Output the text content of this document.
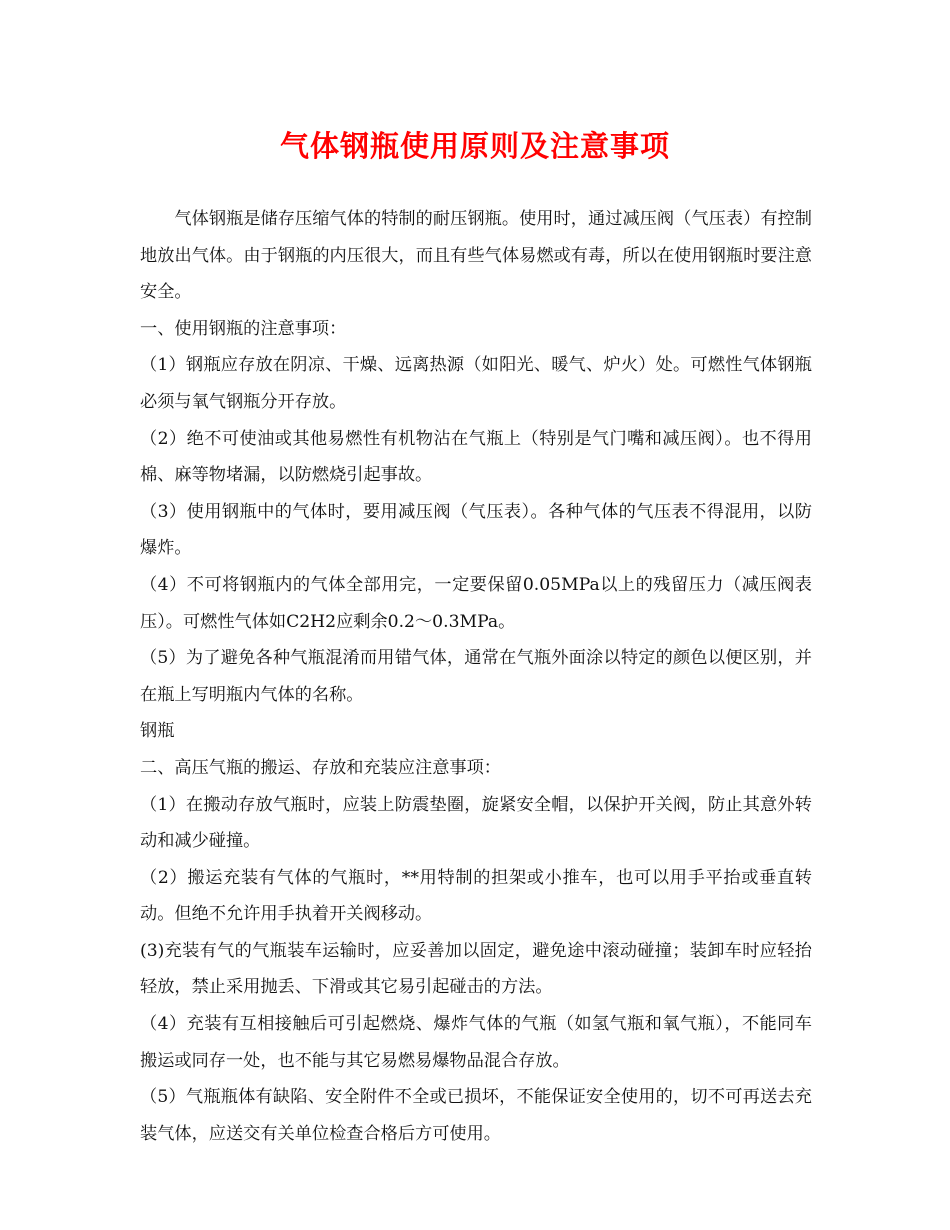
气体钢瓶使用原则及注意事项

气体钢瓶是储存压缩气体的特制的耐压钢瓶。使用时，通过减压阀（气压表）有控制地放出气体。由于钢瓶的内压很大，而且有些气体易燃或有毒，所以在使用钢瓶时要注意安全。

一、使用钢瓶的注意事项：

（1）钢瓶应存放在阴凉、干燥、远离热源（如阳光、暖气、炉火）处。可燃性气体钢瓶必须与氧气钢瓶分开存放。

（2）绝不可使油或其他易燃性有机物沾在气瓶上（特别是气门嘴和减压阀）。也不得用棉、麻等物堵漏，以防燃烧引起事故。

（3）使用钢瓶中的气体时，要用减压阀（气压表）。各种气体的气压表不得混用，以防爆炸。

（4）不可将钢瓶内的气体全部用完，一定要保留0.05MPa以上的残留压力（减压阀表压）。可燃性气体如C2H2应剩余0.2～0.3MPa。

（5）为了避免各种气瓶混淆而用错气体，通常在气瓶外面涂以特定的颜色以便区别，并在瓶上写明瓶内气体的名称。

钢瓶

二、高压气瓶的搬运、存放和充装应注意事项：

（1）在搬动存放气瓶时，应装上防震垫圈，旋紧安全帽，以保护开关阀，防止其意外转动和减少碰撞。

（2）搬运充装有气体的气瓶时，**用特制的担架或小推车，也可以用手平抬或垂直转动。但绝不允许用手执着开关阀移动。

(3)充装有气的气瓶装车运输时，应妥善加以固定，避免途中滚动碰撞；装卸车时应轻抬轻放，禁止采用抛丢、下滑或其它易引起碰击的方法。

（4）充装有互相接触后可引起燃烧、爆炸气体的气瓶（如氢气瓶和氧气瓶），不能同车搬运或同存一处，也不能与其它易燃易爆物品混合存放。

（5）气瓶瓶体有缺陷、安全附件不全或已损坏，不能保证安全使用的，切不可再送去充装气体，应送交有关单位检查合格后方可使用。
